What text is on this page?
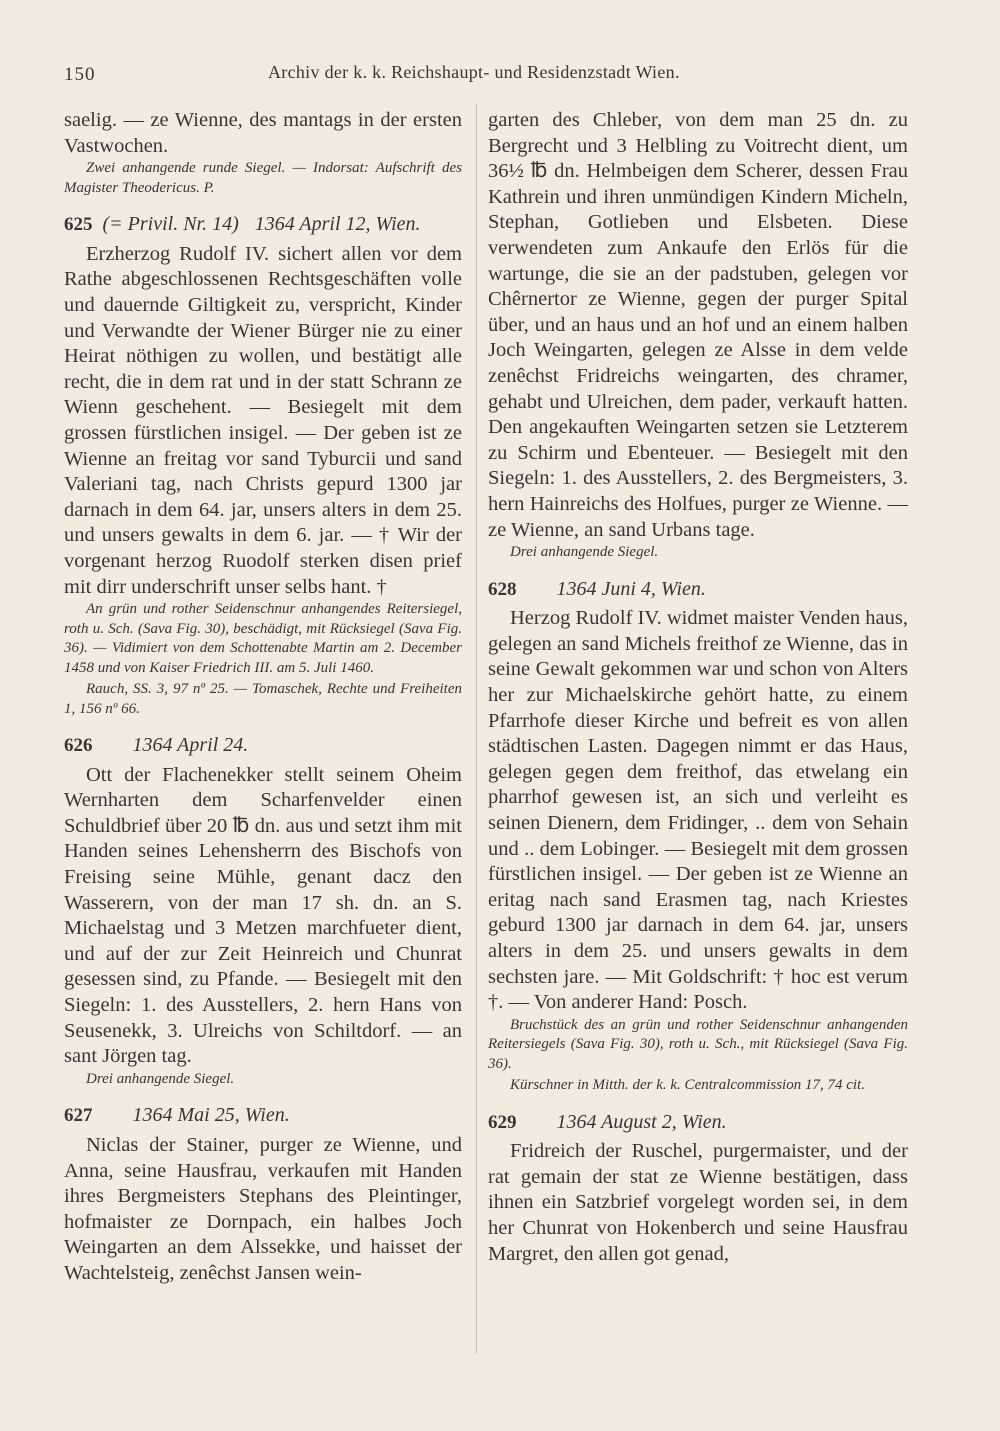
150	Archiv der k. k. Reichshaupt- und Residenzstadt Wien.

saelig. — ze Wienne, des mantags in der ersten Vastwochen.

Zwei anhangende runde Siegel. — Indorsat: Aufschrift des Magister Theodericus. P.

625 (= Privil. Nr. 14) 1364 April 12, Wien.

Erzherzog Rudolf IV. sichert allen vor dem Rathe abgeschlossenen Rechtsgeschäften volle und dauernde Giltigkeit zu, verspricht, Kinder und Verwandte der Wiener Bürger nie zu einer Heirat nöthigen zu wollen, und bestätigt alle recht, die in dem rat und in der statt Schrann ze Wienn geschehent. — Besiegelt mit dem grossen fürstlichen insigel. — Der geben ist ze Wienne an freitag vor sand Tyburcii und sand Valeriani tag, nach Christs gepurd 1300 jar darnach in dem 64. jar, unsers alters in dem 25. und unsers gewalts in dem 6. jar. — † Wir der vorgenant herzog Ruodolf sterken disen prief mit dirr underschrift unser selbs hant. †

An grün und rother Seidenschnur anhangendes Reitersiegel, roth u. Sch. (Sava Fig. 30), beschädigt, mit Rücksiegel (Sava Fig. 36). — Vidimiert von dem Schottenabte Martin am 2. December 1458 und von Kaiser Friedrich III. am 5. Juli 1460.

Rauch, SS. 3, 97 nº 25. — Tomaschek, Rechte und Freiheiten 1, 156 nº 66.

626 1364 April 24.

Ott der Flachenekker stellt seinem Oheim Wernharten dem Scharfenvelder einen Schuldbrief über 20 ℔ dn. aus und setzt ihm mit Handen seines Lehensherrn des Bischofs von Freising seine Mühle, genant dacz den Wasserern, von der man 17 sh. dn. an S. Michaelstag und 3 Metzen marchfueter dient, und auf der zur Zeit Heinreich und Chunrat gesessen sind, zu Pfande. — Besiegelt mit den Siegeln: 1. des Ausstellers, 2. hern Hans von Seusenekk, 3. Ulreichs von Schiltdorf. — an sant Jörgen tag.

Drei anhangende Siegel.

627 1364 Mai 25, Wien.

Niclas der Stainer, purger ze Wienne, und Anna, seine Hausfrau, verkaufen mit Handen ihres Bergmeisters Stephans des Pleintinger, hofmaister ze Dornpach, ein halbes Joch Weingarten an dem Alssekke, und haisset der Wachtelsteig, zenêchst Jansen wein-

garten des Chleber, von dem man 25 dn. zu Bergrecht und 3 Helbling zu Voitrecht dient, um 36½ ℔ dn. Helmbeigen dem Scherer, dessen Frau Kathrein und ihren unmündigen Kindern Micheln, Stephan, Gotlieben und Elsbeten. Diese verwendeten zum Ankaufe den Erlös für die wartunge, die sie an der padstuben, gelegen vor Chêrnertor ze Wienne, gegen der purger Spital über, und an haus und an hof und an einem halben Joch Weingarten, gelegen ze Alsse in dem velde zenêchst Fridreichs weingarten, des chramer, gehabt und Ulreichen, dem pader, verkauft hatten. Den angekauften Weingarten setzen sie Letzterem zu Schirm und Ebenteuer. — Besiegelt mit den Siegeln: 1. des Ausstellers, 2. des Bergmeisters, 3. hern Hainreichs des Holfues, purger ze Wienne. — ze Wienne, an sand Urbans tage.

Drei anhangende Siegel.

628 1364 Juni 4, Wien.

Herzog Rudolf IV. widmet maister Venden haus, gelegen an sand Michels freithof ze Wienne, das in seine Gewalt gekommen war und schon von Alters her zur Michaelskirche gehört hatte, zu einem Pfarrhofe dieser Kirche und befreit es von allen städtischen Lasten. Dagegen nimmt er das Haus, gelegen gegen dem freithof, das etwelang ein pharrhof gewesen ist, an sich und verleiht es seinen Dienern, dem Fridinger, .. dem von Sehain und .. dem Lobinger. — Besiegelt mit dem grossen fürstlichen insigel. — Der geben ist ze Wienne an eritag nach sand Erasmen tag, nach Kriestes geburd 1300 jar darnach in dem 64. jar, unsers alters in dem 25. und unsers gewalts in dem sechsten jare. — Mit Goldschrift: † hoc est verum †. — Von anderer Hand: Posch.

Bruchstück des an grün und rother Seidenschnur anhangenden Reitersiegels (Sava Fig. 30), roth u. Sch., mit Rücksiegel (Sava Fig. 36).

Kürschner in Mitth. der k. k. Centralcommission 17, 74 cit.

629 1364 August 2, Wien.

Fridreich der Ruschel, purgermaister, und der rat gemain der stat ze Wienne bestätigen, dass ihnen ein Satzbrief vorgelegt worden sei, in dem her Chunrat von Hokenberch und seine Hausfrau Margret, den allen got genad,
